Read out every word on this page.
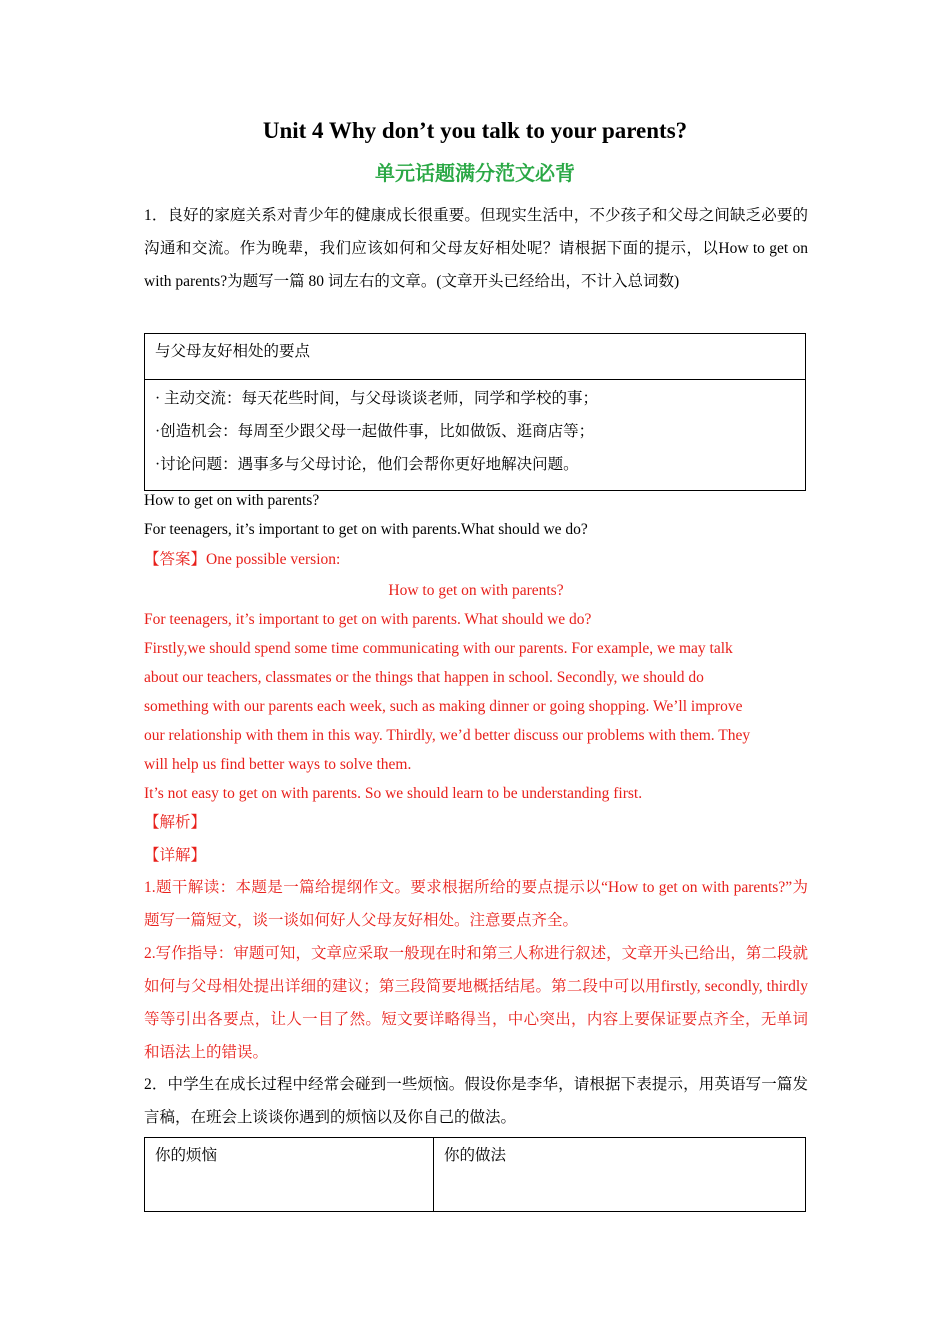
Unit 4 Why don’t you talk to your parents?
单元话题满分范文必背
1．良好的家庭关系对青少年的健康成长很重要。但现实生活中，不少孩子和父母之间缺乏必要的沟通和交流。作为晚辈，我们应该如何和父母友好相处呢？请根据下面的提示，以How to get on with parents?为题写一篇 80 词左右的文章。(文章开头已经给出，不计入总词数)
与父母友好相处的要点

· 主动交流：每天花些时间，与父母谈谈老师，同学和学校的事；
·创造机会：每周至少跟父母一起做件事，比如做饭、逛商店等；
·讨论问题：遇事多与父母讨论，他们会帮你更好地解决问题。
How to get on with parents?
For teenagers, it’s important to get on with parents.What should we do?
【答案】One possible version:
How to get on with parents?
For teenagers, it’s important to get on with parents. What should we do?
Firstly,we should spend some time communicating with our parents. For example, we may talk
about our teachers, classmates or the things that happen in school. Secondly, we should do
something with our parents each week, such as making dinner or going shopping. We’ll improve
our relationship with them in this way. Thirdly, we’d better discuss our problems with them. They
will help us find better ways to solve them.
It’s not easy to get on with parents. So we should learn to be understanding first.
【解析】
【详解】
1.题干解读：本题是一篇给提纲作文。要求根据所给的要点提示以“How to get on with parents?”为题写一篇短文，谈一谈如何好人父母友好相处。注意要点齐全。
2.写作指导：审题可知，文章应采取一般现在时和第三人称进行叙述，文章开头已给出，第二段就如何与父母相处提出详细的建议；第三段简要地概括结尾。第二段中可以用firstly, secondly, thirdly 等等引出各要点，让人一目了然。短文要详略得当，中心突出，内容上要保证要点齐全，无单词和语法上的错误。
2．中学生在成长过程中经常会碰到一些烦恼。假设你是李华，请根据下表提示，用英语写一篇发言稿，在班会上谈谈你遇到的烦恼以及你自己的做法。
你的烦恼	你的做法
